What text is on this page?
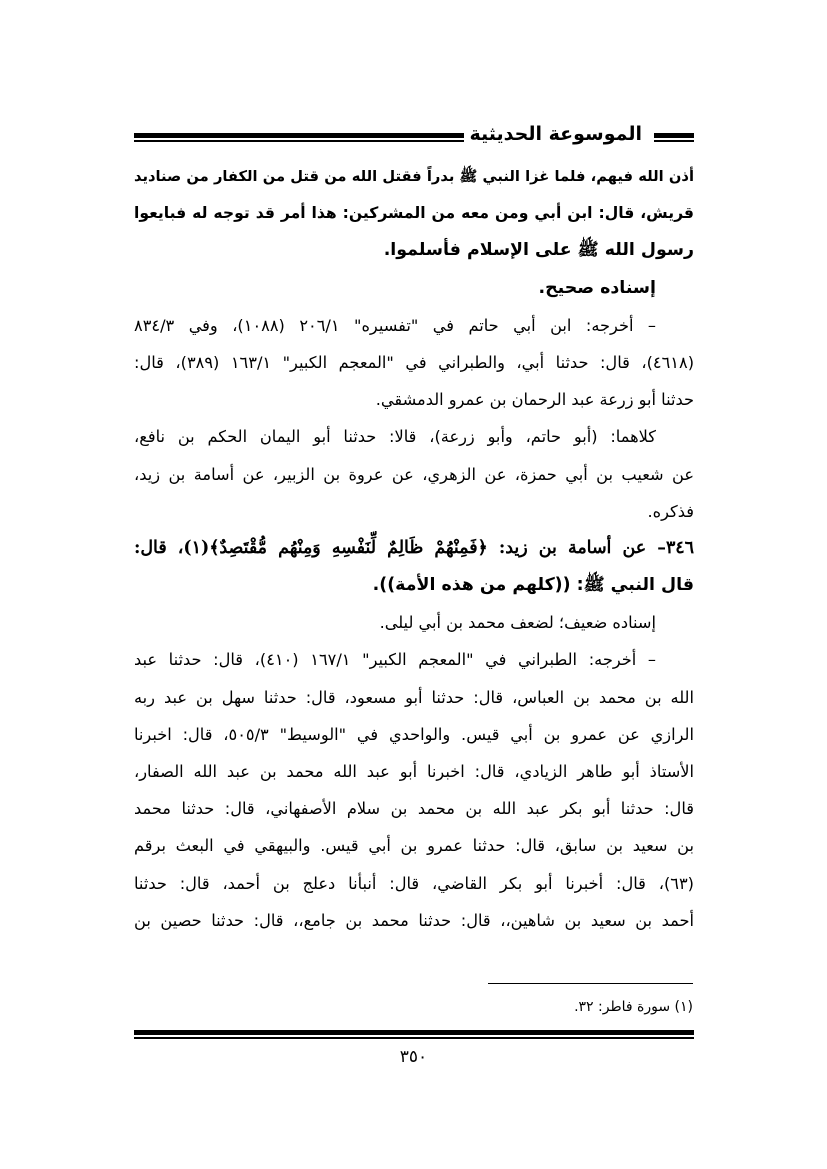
الموسوعة الحديثية
أذن الله فيهم، فلما غزا النبي ﷺ بدراً فقتل الله من قتل من الكفار من صناديد
قريش، قال: ابن أبي ومن معه من المشركين: هذا أمر قد توجه له فبايعوا
رسول الله ﷺ على الإسلام فأسلموا.
إسناده صحيح.
– أخرجه: ابن أبي حاتم في "تفسيره" ٢٠٦/١ (١٠٨٨)، وفي ٨٣٤/٣
(٤٦١٨)، قال: حدثنا أبي، والطبراني في "المعجم الكبير" ١٦٣/١ (٣٨٩)، قال:
حدثنا أبو زرعة عبد الرحمان بن عمرو الدمشقي.
كلاهما: (أبو حاتم، وأبو زرعة)، قالا: حدثنا أبو اليمان الحكم بن نافع،
عن شعيب بن أبي حمزة، عن الزهري، عن عروة بن الزبير، عن أسامة بن زيد،
فذكره.
٣٤٦– عن أسامة بن زيد: ﴿فَمِنْهُمْ ظَالِمٌ لِّنَفْسِهِ وَمِنْهُم مُّقْتَصِدٌ﴾(١)، قال:
قال النبي ﷺ: ((كلهم من هذه الأمة)).
إسناده ضعيف؛ لضعف محمد بن أبي ليلى.
– أخرجه: الطبراني في "المعجم الكبير" ١٦٧/١ (٤١٠)، قال: حدثنا عبد
الله بن محمد بن العباس، قال: حدثنا أبو مسعود، قال: حدثنا سهل بن عبد ربه
الرازي عن عمرو بن أبي قيس. والواحدي في "الوسيط" ٥٠٥/٣، قال: اخبرنا
الأستاذ أبو طاهر الزيادي، قال: اخبرنا أبو عبد الله محمد بن عبد الله الصفار،
قال: حدثنا أبو بكر عبد الله بن محمد بن سلام الأصفهاني، قال: حدثنا محمد
بن سعيد بن سابق، قال: حدثنا عمرو بن أبي قيس. والبيهقي في البعث برقم
(٦٣)، قال: أخبرنا أبو بكر القاضي، قال: أنبأنا دعلج بن أحمد، قال: حدثنا
أحمد بن سعيد بن شاهين،، قال: حدثنا محمد بن جامع،، قال: حدثنا حصين بن
(١) سورة فاطر: ٣٢.
٣٥٠
